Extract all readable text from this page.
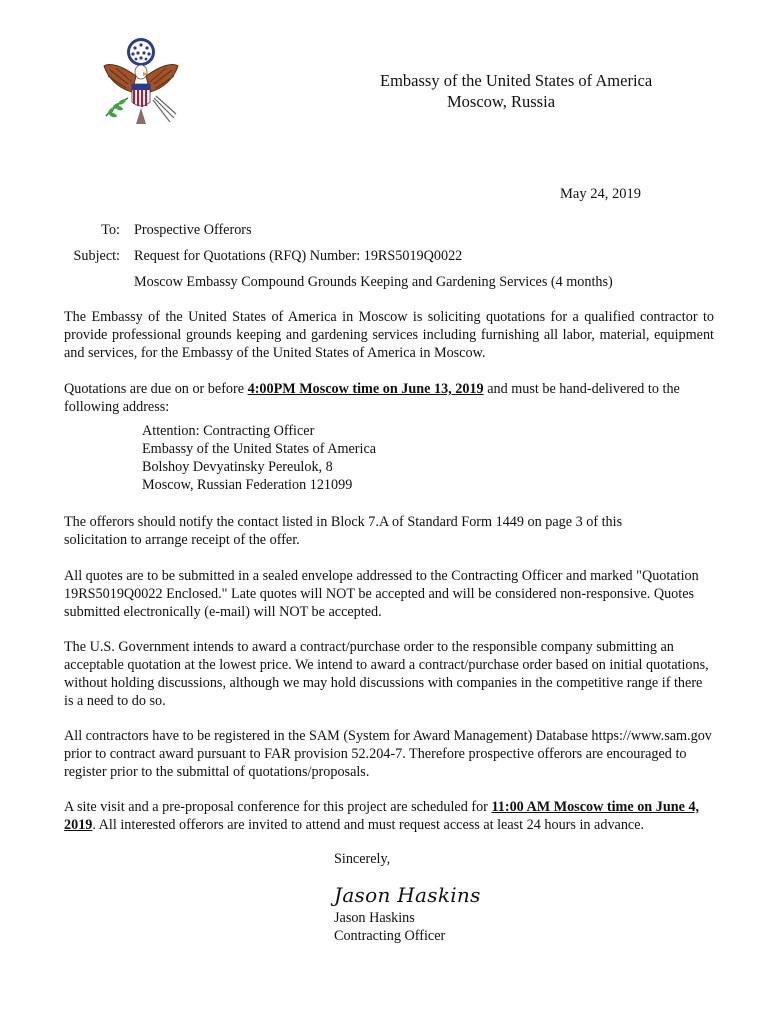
Embassy of the United States of America
Moscow, Russia
May 24, 2019
To: Prospective Offerors
Subject: Request for Quotations (RFQ) Number: 19RS5019Q0022
Moscow Embassy Compound Grounds Keeping and Gardening Services (4 months)
The Embassy of the United States of America in Moscow is soliciting quotations for a qualified contractor to provide professional grounds keeping and gardening services including furnishing all labor, material, equipment and services, for the Embassy of the United States of America in Moscow.
Quotations are due on or before 4:00PM Moscow time on June 13, 2019 and must be hand-delivered to the following address:
Attention: Contracting Officer
Embassy of the United States of America
Bolshoy Devyatinsky Pereulok, 8
Moscow, Russian Federation 121099
The offerors should notify the contact listed in Block 7.A of Standard Form 1449 on page 3 of this solicitation to arrange receipt of the offer.
All quotes are to be submitted in a sealed envelope addressed to the Contracting Officer and marked "Quotation 19RS5019Q0022 Enclosed." Late quotes will NOT be accepted and will be considered non-responsive. Quotes submitted electronically (e-mail) will NOT be accepted.
The U.S. Government intends to award a contract/purchase order to the responsible company submitting an acceptable quotation at the lowest price. We intend to award a contract/purchase order based on initial quotations, without holding discussions, although we may hold discussions with companies in the competitive range if there is a need to do so.
All contractors have to be registered in the SAM (System for Award Management) Database https://www.sam.gov prior to contract award pursuant to FAR provision 52.204-7. Therefore prospective offerors are encouraged to register prior to the submittal of quotations/proposals.
A site visit and a pre-proposal conference for this project are scheduled for 11:00 AM Moscow time on June 4, 2019. All interested offerors are invited to attend and must request access at least 24 hours in advance.
Sincerely,
Jason Haskins
Jason Haskins
Contracting Officer
